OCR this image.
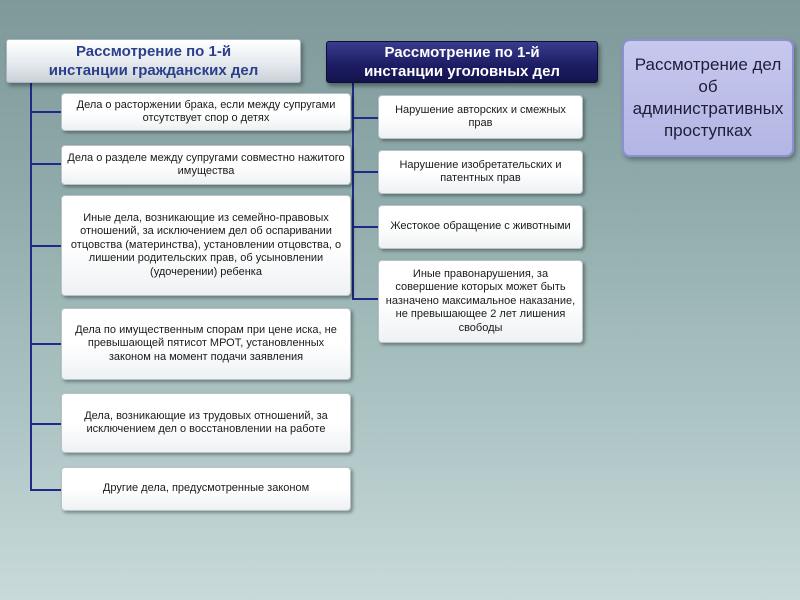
Рассмотрение по 1-й
инстанции гражданских дел
Рассмотрение по 1-й
инстанции уголовных дел	Рассмотрение дел об административных проступках
Дела о расторжении брака, если между супругами отсутствует спор о детях
Дела о разделе между супругами совместно нажитого имущества
Иные дела, возникающие из семейно-правовых отношений, за исключением дел об оспаривании отцовства (материнства), установлении отцовства, о лишении родительских прав, об усыновлении (удочерении) ребенка
Дела по имущественным спорам при цене иска, не превышающей пятисот МРОТ, установленных законом на момент подачи заявления
Дела, возникающие из трудовых отношений, за исключением дел о восстановлении на работе
Другие дела, предусмотренные законом
Нарушение авторских и смежных прав
Нарушение изобретательских и патентных прав
Жестокое обращение с животными
Иные правонарушения, за совершение которых может быть назначено максимальное наказание, не превышающее 2 лет лишения свободы
